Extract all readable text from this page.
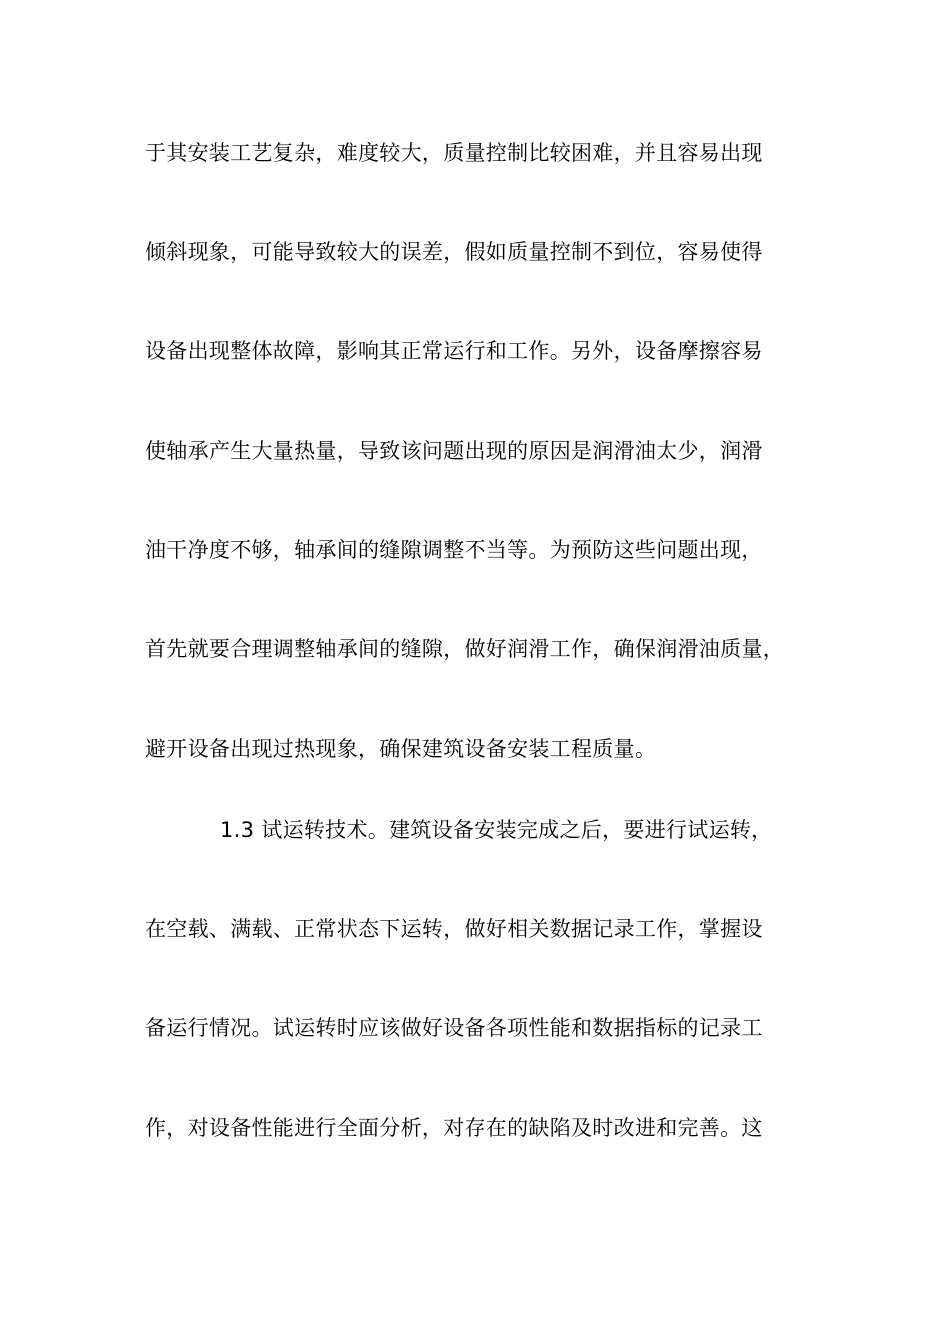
于其安装工艺复杂，难度较大，质量控制比较困难，并且容易出现
倾斜现象，可能导致较大的误差，假如质量控制不到位，容易使得
设备出现整体故障，影响其正常运行和工作。另外，设备摩擦容易
使轴承产生大量热量，导致该问题出现的原因是润滑油太少，润滑
油干净度不够，轴承间的缝隙调整不当等。为预防这些问题出现，
首先就要合理调整轴承间的缝隙，做好润滑工作，确保润滑油质量，
避开设备出现过热现象，确保建筑设备安装工程质量。
1.3 试运转技术。建筑设备安装完成之后，要进行试运转，
在空载、满载、正常状态下运转，做好相关数据记录工作，掌握设
备运行情况。试运转时应该做好设备各项性能和数据指标的记录工
作，对设备性能进行全面分析，对存在的缺陷及时改进和完善。这
